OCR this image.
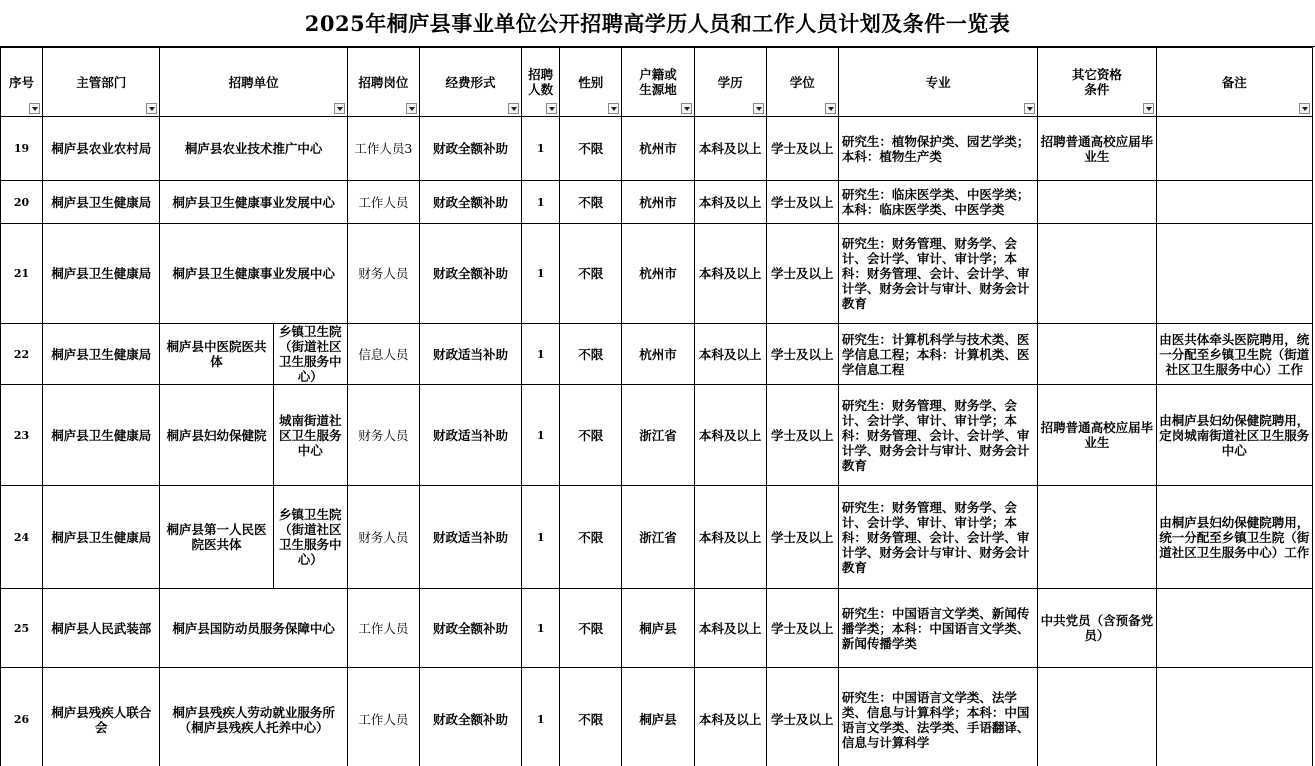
2025年桐庐县事业单位公开招聘高学历人员和工作人员计划及条件一览表
序号	主管部门	招聘单位		招聘岗位	经费形式	招聘人数	性别	户籍或生源地	学历	学位	专业	其它资格条件	备注

19	桐庐县农业农村局	桐庐县农业技术推广中心		工作人员3	财政全额补助	1	不限	杭州市	本科及以上	学士及以上	研究生：植物保护类、园艺学类；本科：植物生产类	招聘普通高校应届毕业生	
20	桐庐县卫生健康局	桐庐县卫生健康事业发展中心		工作人员	财政全额补助	1	不限	杭州市	本科及以上	学士及以上	研究生：临床医学类、中医学类；本科：临床医学类、中医学类		
21	桐庐县卫生健康局	桐庐县卫生健康事业发展中心		财务人员	财政全额补助	1	不限	杭州市	本科及以上	学士及以上	研究生：财务管理、财务学、会计、会计学、审计、审计学；本科：财务管理、会计、会计学、审计学、财务会计与审计、财务会计教育		
22	桐庐县卫生健康局	桐庐县中医院医共体	乡镇卫生院（街道社区卫生服务中心）	信息人员	财政适当补助	1	不限	杭州市	本科及以上	学士及以上	研究生：计算机科学与技术类、医学信息工程；本科：计算机类、医学信息工程		由医共体牵头医院聘用，统一分配至乡镇卫生院（街道社区卫生服务中心）工作
23	桐庐县卫生健康局	桐庐县妇幼保健院	城南街道社区卫生服务中心	财务人员	财政适当补助	1	不限	浙江省	本科及以上	学士及以上	研究生：财务管理、财务学、会计、会计学、审计、审计学；本科：财务管理、会计、会计学、审计学、财务会计与审计、财务会计教育	招聘普通高校应届毕业生	由桐庐县妇幼保健院聘用，定岗城南街道社区卫生服务中心
24	桐庐县卫生健康局	桐庐县第一人民医院医共体	乡镇卫生院（街道社区卫生服务中心）	财务人员	财政适当补助	1	不限	浙江省	本科及以上	学士及以上	研究生：财务管理、财务学、会计、会计学、审计、审计学；本科：财务管理、会计、会计学、审计学、财务会计与审计、财务会计教育		由桐庐县妇幼保健院聘用，统一分配至乡镇卫生院（街道社区卫生服务中心）工作
25	桐庐县人民武装部	桐庐县国防动员服务保障中心		工作人员	财政全额补助	1	不限	桐庐县	本科及以上	学士及以上	研究生：中国语言文学类、新闻传播学类；本科：中国语言文学类、新闻传播学类	中共党员（含预备党员）	
26	桐庐县残疾人联合会	桐庐县残疾人劳动就业服务所（桐庐县残疾人托养中心）		工作人员	财政全额补助	1	不限	桐庐县	本科及以上	学士及以上	研究生：中国语言文学类、法学类、信息与计算科学；本科：中国语言文学类、法学类、手语翻译、信息与计算科学		
